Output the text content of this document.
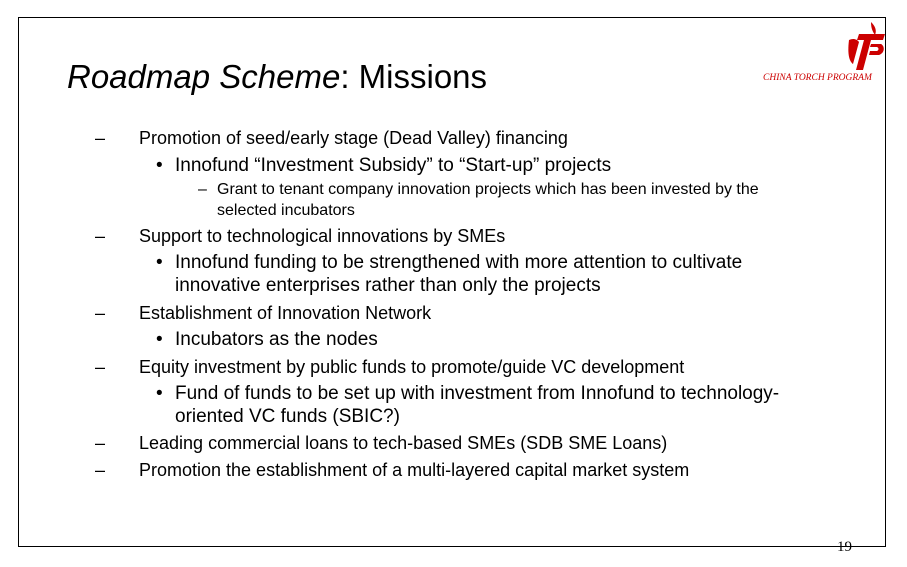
Roadmap Scheme: Missions	CHINA TORCH PROGRAM
– Promotion of seed/early stage (Dead Valley) financing
• Innofund “Investment Subsidy” to “Start-up” projects
– Grant to tenant company innovation projects which has been invested by the
selected incubators
– Support to technological innovations by SMEs
• Innofund funding to be strengthened with more attention to cultivate
innovative enterprises rather than only the projects
– Establishment of Innovation Network
• Incubators as the nodes
– Equity investment by public funds to promote/guide VC development
• Fund of funds to be set up with investment from Innofund to technology-
oriented VC funds (SBIC?)
– Leading commercial loans to tech-based SMEs (SDB SME Loans)
– Promotion the establishment of a multi-layered capital market system
19
